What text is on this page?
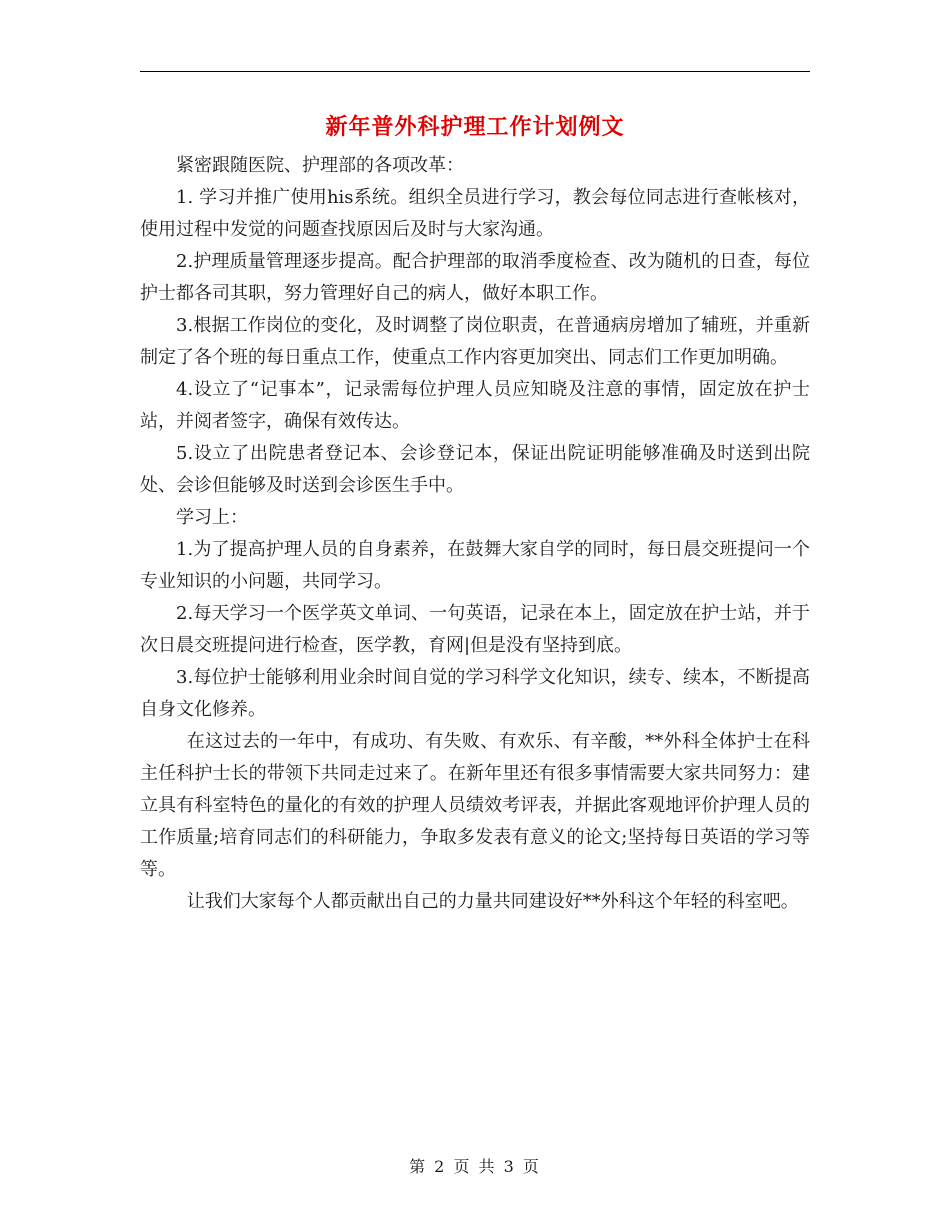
新年普外科护理工作计划例文

紧密跟随医院、护理部的各项改革：

1. 学习并推广使用his系统。组织全员进行学习，教会每位同志进行查帐核对，使用过程中发觉的问题查找原因后及时与大家沟通。

2.护理质量管理逐步提高。配合护理部的取消季度检查、改为随机的日查，每位护士都各司其职，努力管理好自己的病人，做好本职工作。

3.根据工作岗位的变化，及时调整了岗位职责，在普通病房增加了辅班，并重新制定了各个班的每日重点工作，使重点工作内容更加突出、同志们工作更加明确。

4.设立了“记事本”，记录需每位护理人员应知晓及注意的事情，固定放在护士站，并阅者签字，确保有效传达。

5.设立了出院患者登记本、会诊登记本，保证出院证明能够准确及时送到出院处、会诊但能够及时送到会诊医生手中。

学习上：

1.为了提高护理人员的自身素养，在鼓舞大家自学的同时，每日晨交班提问一个专业知识的小问题，共同学习。

2.每天学习一个医学英文单词、一句英语，记录在本上，固定放在护士站，并于次日晨交班提问进行检查，医学教，育网|但是没有坚持到底。

3.每位护士能够利用业余时间自觉的学习科学文化知识，续专、续本，不断提高自身文化修养。

在这过去的一年中，有成功、有失败、有欢乐、有辛酸，**外科全体护士在科主任科护士长的带领下共同走过来了。在新年里还有很多事情需要大家共同努力：建立具有科室特色的量化的有效的护理人员绩效考评表，并据此客观地评价护理人员的工作质量;培育同志们的科研能力，争取多发表有意义的论文;坚持每日英语的学习等等。

让我们大家每个人都贡献出自己的力量共同建设好**外科这个年轻的科室吧。

第 2 页 共 3 页
